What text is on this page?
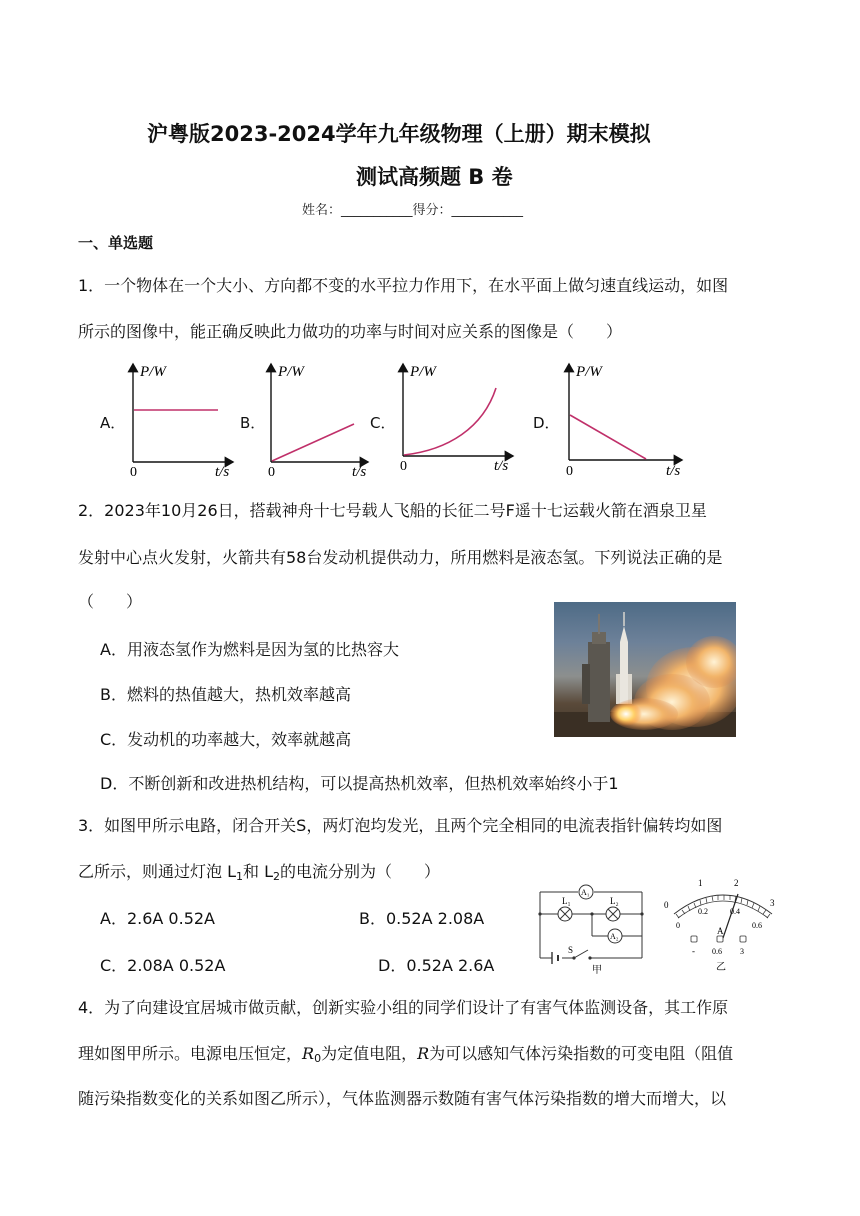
沪粤版2023-2024学年九年级物理（上册）期末模拟
测试高频题 B 卷
姓名：___________得分：___________
一、单选题
1．一个物体在一个大小、方向都不变的水平拉力作用下，在水平面上做匀速直线运动，如图
所示的图像中，能正确反映此力做功的功率与时间对应关系的图像是（　　）
A．	B．	C．	D．
P/W
0	t/s
P/W
0	t/s
P/W
0	t/s
P/W
0	t/s
2．2023年10月26日，搭载神舟十七号载人飞船的长征二号F遥十七运载火箭在酒泉卫星
发射中心点火发射，火箭共有58台发动机提供动力，所用燃料是液态氢。下列说法正确的是
（　　）
A．用液态氢作为燃料是因为氢的比热容大
B．燃料的热值越大，热机效率越高
C．发动机的功率越大，效率就越高
D．不断创新和改进热机结构，可以提高热机效率，但热机效率始终小于1
3．如图甲所示电路，闭合开关S，两灯泡均发光，且两个完全相同的电流表指针偏转均如图
乙所示，则通过灯泡 $L_1$和 $L_2$的电流分别为（　　）
A．2.6A 0.52A	B．0.52A 2.08A
C．2.08A 0.52A	D．0.52A 2.6A
A₁
L₁	L₂
A₂
S
甲
1	2
3
0
0
0.2	0.4
0.6
A
- 0.6 3
乙
4．为了向建设宜居城市做贡献，创新实验小组的同学们设计了有害气体监测设备，其工作原
理如图甲所示。电源电压恒定，$R_0$为定值电阻，R为可以感知气体污染指数的可变电阻（阻值
随污染指数变化的关系如图乙所示），气体监测器示数随有害气体污染指数的增大而增大，以
